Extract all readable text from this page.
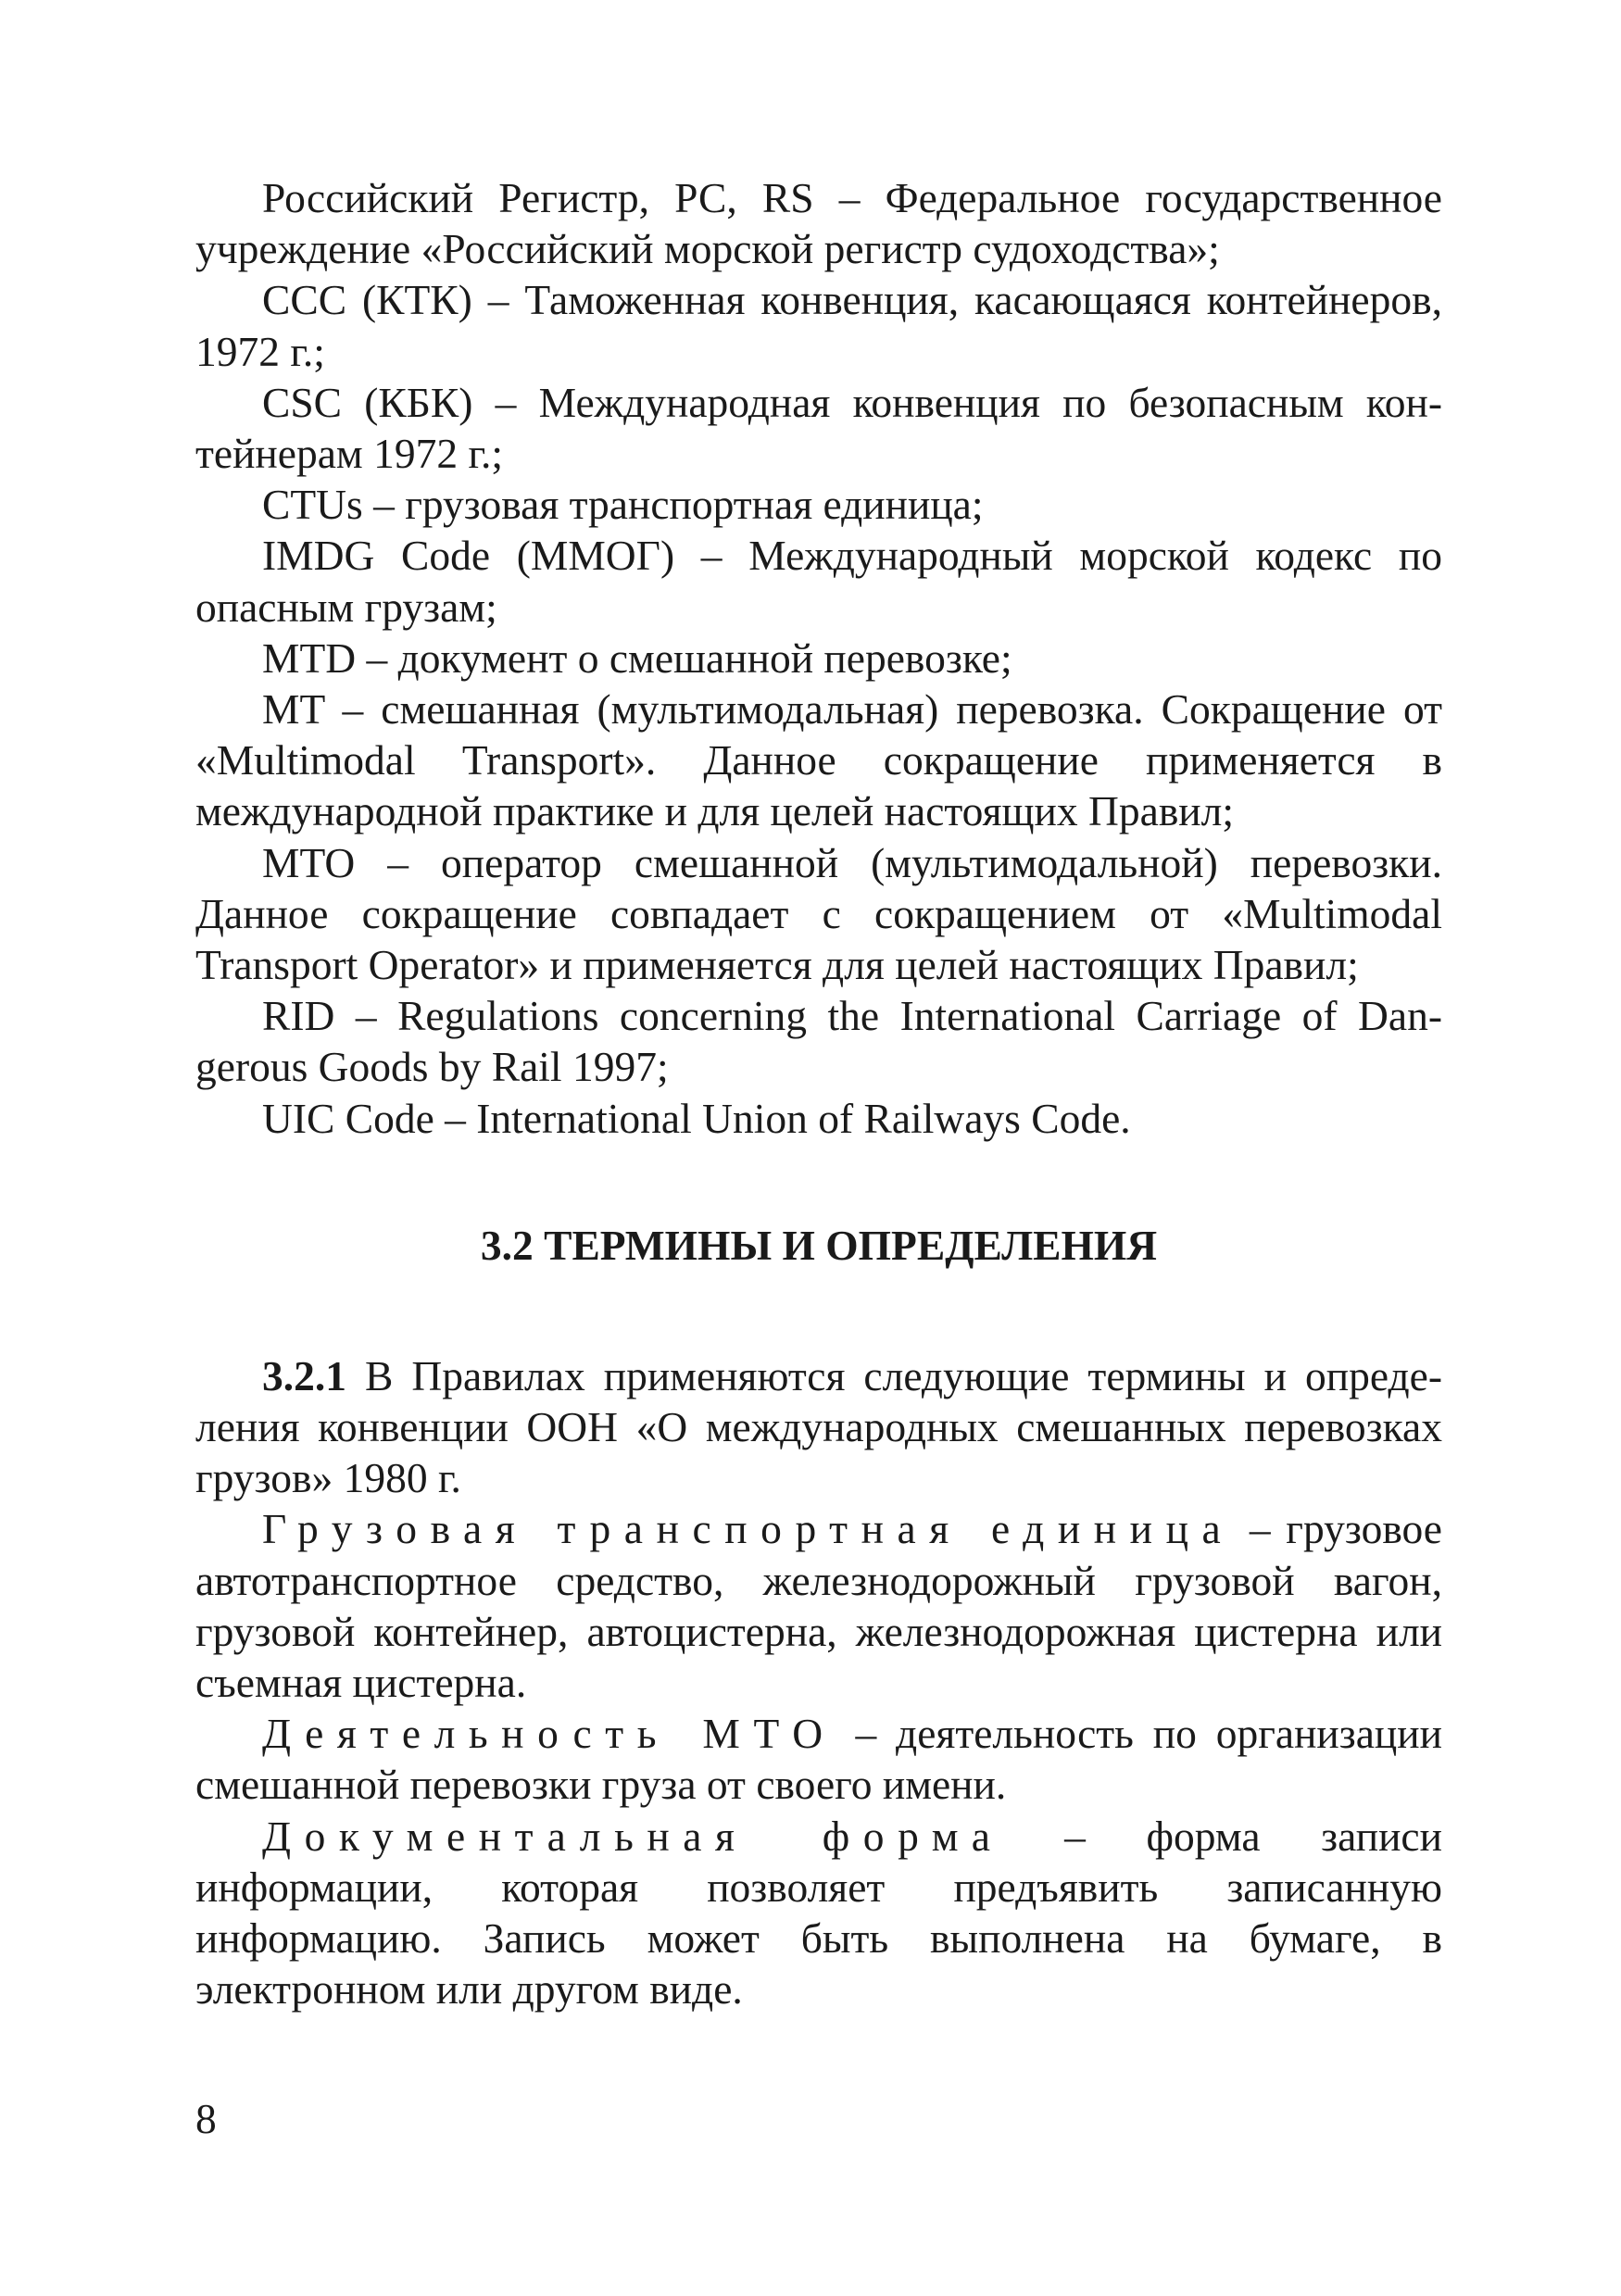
Российский Регистр, РС, RS – Федеральное государственное учреждение «Российский морской регистр судоходства»;

ССС (КТК) – Таможенная конвенция, касающаяся контейнеров, 1972 г.;

CSC (КБК) – Международная конвенция по безопасным контейнерам 1972 г.;

CTUs – грузовая транспортная единица;

IMDG Code (ММОГ) – Международный морской кодекс по опасным грузам;

MTD – документ о смешанной перевозке;

MT – смешанная (мультимодальная) перевозка. Сокращение от «Multimodal Transport». Данное сокращение применяется в международной практике и для целей настоящих Правил;

MTO – оператор смешанной (мультимодальной) перевозки. Данное сокращение совпадает с сокращением от «Multimodal Transport Operator» и применяется для целей настоящих Правил;

RID – Regulations concerning the International Carriage of Dangerous Goods by Rail 1997;

UIC Code – International Union of Railways Code.

3.2 ТЕРМИНЫ И ОПРЕДЕЛЕНИЯ

3.2.1 В Правилах применяются следующие термины и определения конвенции ООН «О международных смешанных перевозках грузов» 1980 г.

Грузовая транспортная единица – грузовое автотранспортное средство, железнодорожный грузовой вагон, грузовой контейнер, автоцистерна, железнодорожная цистерна или съемная цистерна.

Деятельность МТО – деятельность по организации смешанной перевозки груза от своего имени.

Документальная форма – форма записи информации, которая позволяет предъявить записанную информацию. Запись может быть выполнена на бумаге, в электронном или другом виде.

8
